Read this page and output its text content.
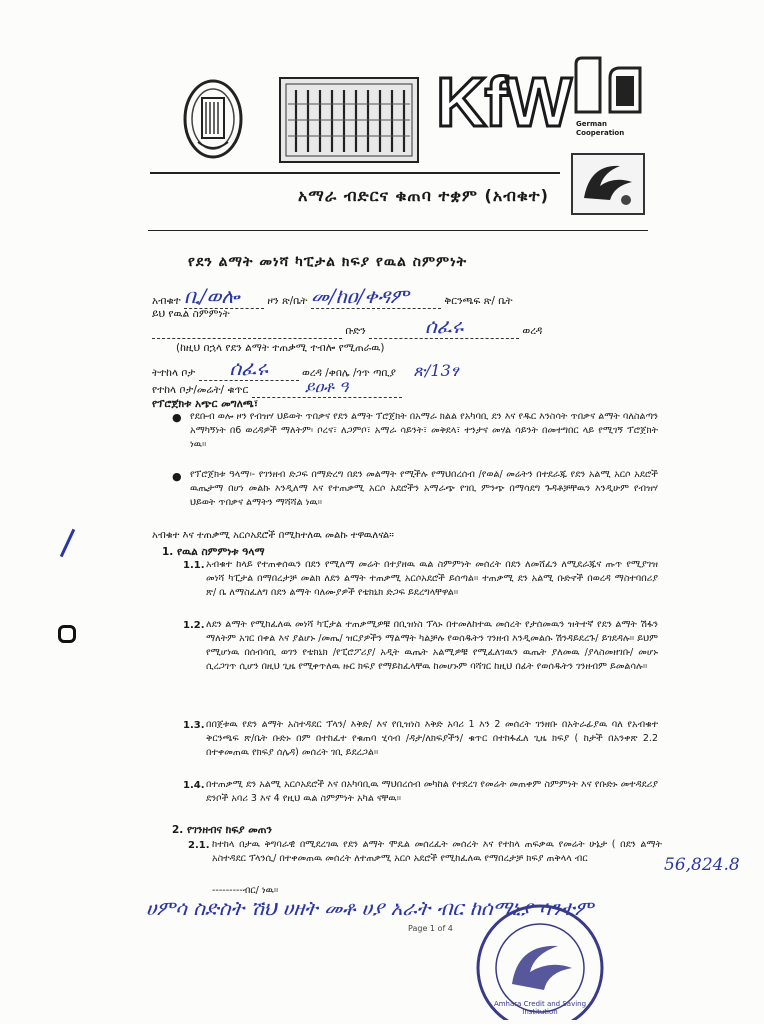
KfW German Cooperation
አማራ ብድርና ቁጠባ ተቋም (አብቁተ)
የደን ልማት መነሻ ካፒታል ክፍያ የዉል ስምምነት
አብቁተ ቢ/ወሎ	ዞን ጽ/ቤት መ/ከዐ/ቀዳም	ቅርንጫፍ ጽ/ ቤት
ይህ የዉል ስምምነት
ቡድን	ሰፈሩ	ወረዳ
(ከዚህ በኋላ የደን ልማት ተጠቃሚ ተብሎ የሚጠራዉ)
ትተከላ ቦታ ሰፈሩ	ወረዳ /ቀበሌ /ጎጥ ጣቢያ ጽ/13ፃ
የተከላ ቦታ/መሬት/ ቁጥር	ይዐቶ ዓ
የፕሮጀክቱ አጭር መግለጫ፣
● የደቡብ ወሎ ዞን የብዝሃ ህይወት ጥበቃና የደን ልማት ፕሮጀክት በአማራ ክልል የአካባቢ ደን እና የዱር እንስሳት ጥበቃና ልማት ባለስልጣን አማካኝነት በ6 ወረዳዎች ማለትም፡ ቦረና፣ ለጋምቦ፣ አማራ ሳይንት፣ መቅደላ፣ ተንታና መሃል ሳይንት በመተግበር ላይ የሚገኝ ፕሮጀክት ነዉ።
● የፕሮጀክቱ ዓላማ፡- የገንዘብ ድጋፍ በማድረግ በደን መልማት የሚችሉ የማህበረሰብ /የወል/ መሬትን በተደራጁ የደን አልሚ አርሶ አደሮች ዉጤታማ በሆነ መልኩ እንዲለማ እና የተጠቃሚ አርሶ አደሮችን አማራጭ የገቢ ምንጭ በማሳደግ ጉዳቶቻቸዉን እንዲሁም የብዝሃ ህይወት ጥበቃና ልማትን ማሻሻል ነዉ።
አብቁተ እና ተጠቃሚ አርሶአደሮች በሚከተለዉ መልኩ ተዋዉለናል።
1. የዉል ስምምነቱ ዓላማ
1.1. አብቁተ ከላይ የተጠቀሰዉን በደን የሚለማ መሬት በተያዘዉ ዉል ስምምነት መሰረት በደን ለመሸፈን ለሚደራጁና ጡጥ የሚያገዝ መነሻ ካፒታል በማበረታቻ መልክ ለደን ልማት ተጠቃሚ አርሶአደሮች ይሰጣል። ተጠቃሚ ደን አልሚ ቡድኖች በወረዳ ማስተባበሪያ ጽ/ ቤ ለማስፈለግ በደን ልማት ባለሙያዎች የቴክኒክ ድጋፍ ይደረግላቸዋል።
1.2. ለደን ልማት የሚከፈለዉ መነሻ ካፒታል ተጠቃሚዎቹ በቢዝነስ ፕላኑ በተመለከተዉ መሰረት የታሰመዉን ዝትተኛ የደን ልማት ሽፋን ማለትም አገር በቀል እና ያልሆኑ /መጤ/ ዝርያዎችን ማልማት ካልቻሉ የወሰዱትን ገንዘብ እንዲመልሱ ሽንዳይደረጉ/ ይገደዳሉ። ይህም የሚሆነዉ በሰብሳቢ ወገን የቴክኒክ /የፒሮፖሪያ/ አዲት ዉጤት አልሚዎቹ የሚፈለገዉን ዉጤት ያለመዉ /ያላስመዘገቡ/ መሆኑ ሲረጋገጥ ሲሆን በዚህ ጊዜ የሚቀጥለዉ ዙር ክፍያ የማይከፈላቸዉ ከመሆኑም ባሻገር ከዚህ በፊት የወሰዱትን ገንዘብም ይመልሳሉ።
1.3. በበጀቱዉ የደን ልማት አስተዳደር ፕላን/ እቅድ/ እና የቢዝነስ እቅድ አባሪ 1 እን 2 መሰረት ገንዘቡ በአትራፊያዉ ባለ የአብቁተ ቅርንጫፍ ጽ/ቤት ቡድኑ በም በተከፈተ የቁጠባ ሂሳብ /ዳታ/ለክፍያችን/ ቁጥር በተከፋፈለ ጊዜ ክፍያ ( ከታች በአንቀጽ 2.2 በተቀመጠዉ የክፍያ ሰሌዳ) መሰረት ገቢ ይደረጋል።
1.4. በተጠቃሚ ደን አልሚ አርሶአደሮች እና በአካባቢዉ ማህበረሰብ መካከል የተደረገ የመሬት መጠቀም ስምምነት እና የቡድኑ መተዳደሪያ ደንቦች አባሪ 3 እና 4 የዚህ ዉል ስምምነት አካል ናቸዉ።
2. የገንዘብና ክፍያ መጠን
2.1. ከተከላ በታዉ ቅግባራዊ በሚደረገዉ የደን ልማት ሞዴል መሰረፈት መሰረት እና የተከላ ጠፍቃዉ የመሬት ሁኔታ ( በደን ልማት አስተዳደር ፕላንሲ/ በተቀመጠዉ መሰረት ለተጠቃሚ አርሶ አደሮች የሚከፈለዉ የማበረታቻ ክፍያ ጠቅላላ ብር	56,824.8
---------ብር/ ነዉ።
ሀምሳ ስድስት ሽህ ሀዘት መቶ ሀያ አራት ብር ከሰማኒያ ሳንቲም
Page 1 of 4
Amhara Credit and Saving Institution
